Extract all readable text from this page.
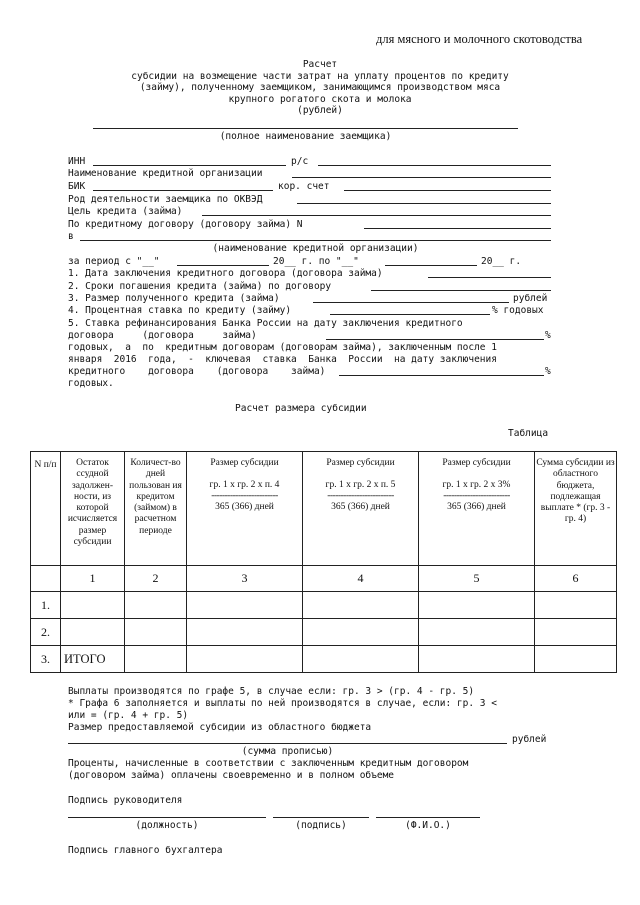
для мясного и молочного скотоводства
Расчет
субсидии на возмещение части затрат на уплату процентов по кредиту
(займу), полученному заемщиком, занимающимся производством мяса
крупного рогатого скота и молока
(рублей)
(полное наименование заемщика)
ИНН	р/с
Наименование кредитной организации
БИК	кор. счет
Род деятельности заемщика по ОКВЭД
Цель кредита (займа)
По кредитному договору (договору займа) N
в
(наименование кредитной организации)
за период с "__"	20__ г. по "__"	20__ г.
1. Дата заключения кредитного договора (договора займа)
2. Сроки погашения кредита (займа) по договору
3. Размер полученного кредита (займа)	рублей
4. Процентная ставка по кредиту (займу)	% годовых
5. Ставка рефинансирования Банка России на дату заключения кредитного
договора     (договора     займа)	%
годовых,  а  по  кредитным договорам (договорам займа), заключенным после 1
января  2016  года,  -  ключевая  ставка  Банка  России  на дату заключения
кредитного    договора    (договора    займа)	%
годовых.
Расчет размера субсидии
Таблица
N п/п	Остаток ссудной задолжен-ности, из которой исчисляется размер субсидии	Количест-во дней пользован ия кредитом (займом) в расчетном периоде	Размер субсидии
гр. 1 x гр. 2 x п. 4
-------------------------
365 (366) дней	Размер субсидии
гр. 1 x гр. 2 x п. 5
-------------------------
365 (366) дней	Размер субсидии
гр. 1 x гр. 2 x 3%
-------------------------
365 (366) дней	Сумма субсидии из областного бюджета, подлежащая выплате * (гр. 3 - гр. 4)
	1	2	3	4	5	6
1.						
2.						
3.	ИТОГО					
Выплаты производятся по графе 5, в случае если: гр. 3 > (гр. 4 - гр. 5)
* Графа 6 заполняется и выплаты по ней производятся в случае, если: гр. 3 <
или = (гр. 4 + гр. 5)
Размер предоставляемой субсидии из областного бюджета
рублей
(сумма прописью)
Проценты, начисленные в соответствии с заключенным кредитным договором
(договором займа) оплачены своевременно и в полном объеме
Подпись руководителя
(должность)	(подпись)	(Ф.И.О.)
Подпись главного бухгалтера
